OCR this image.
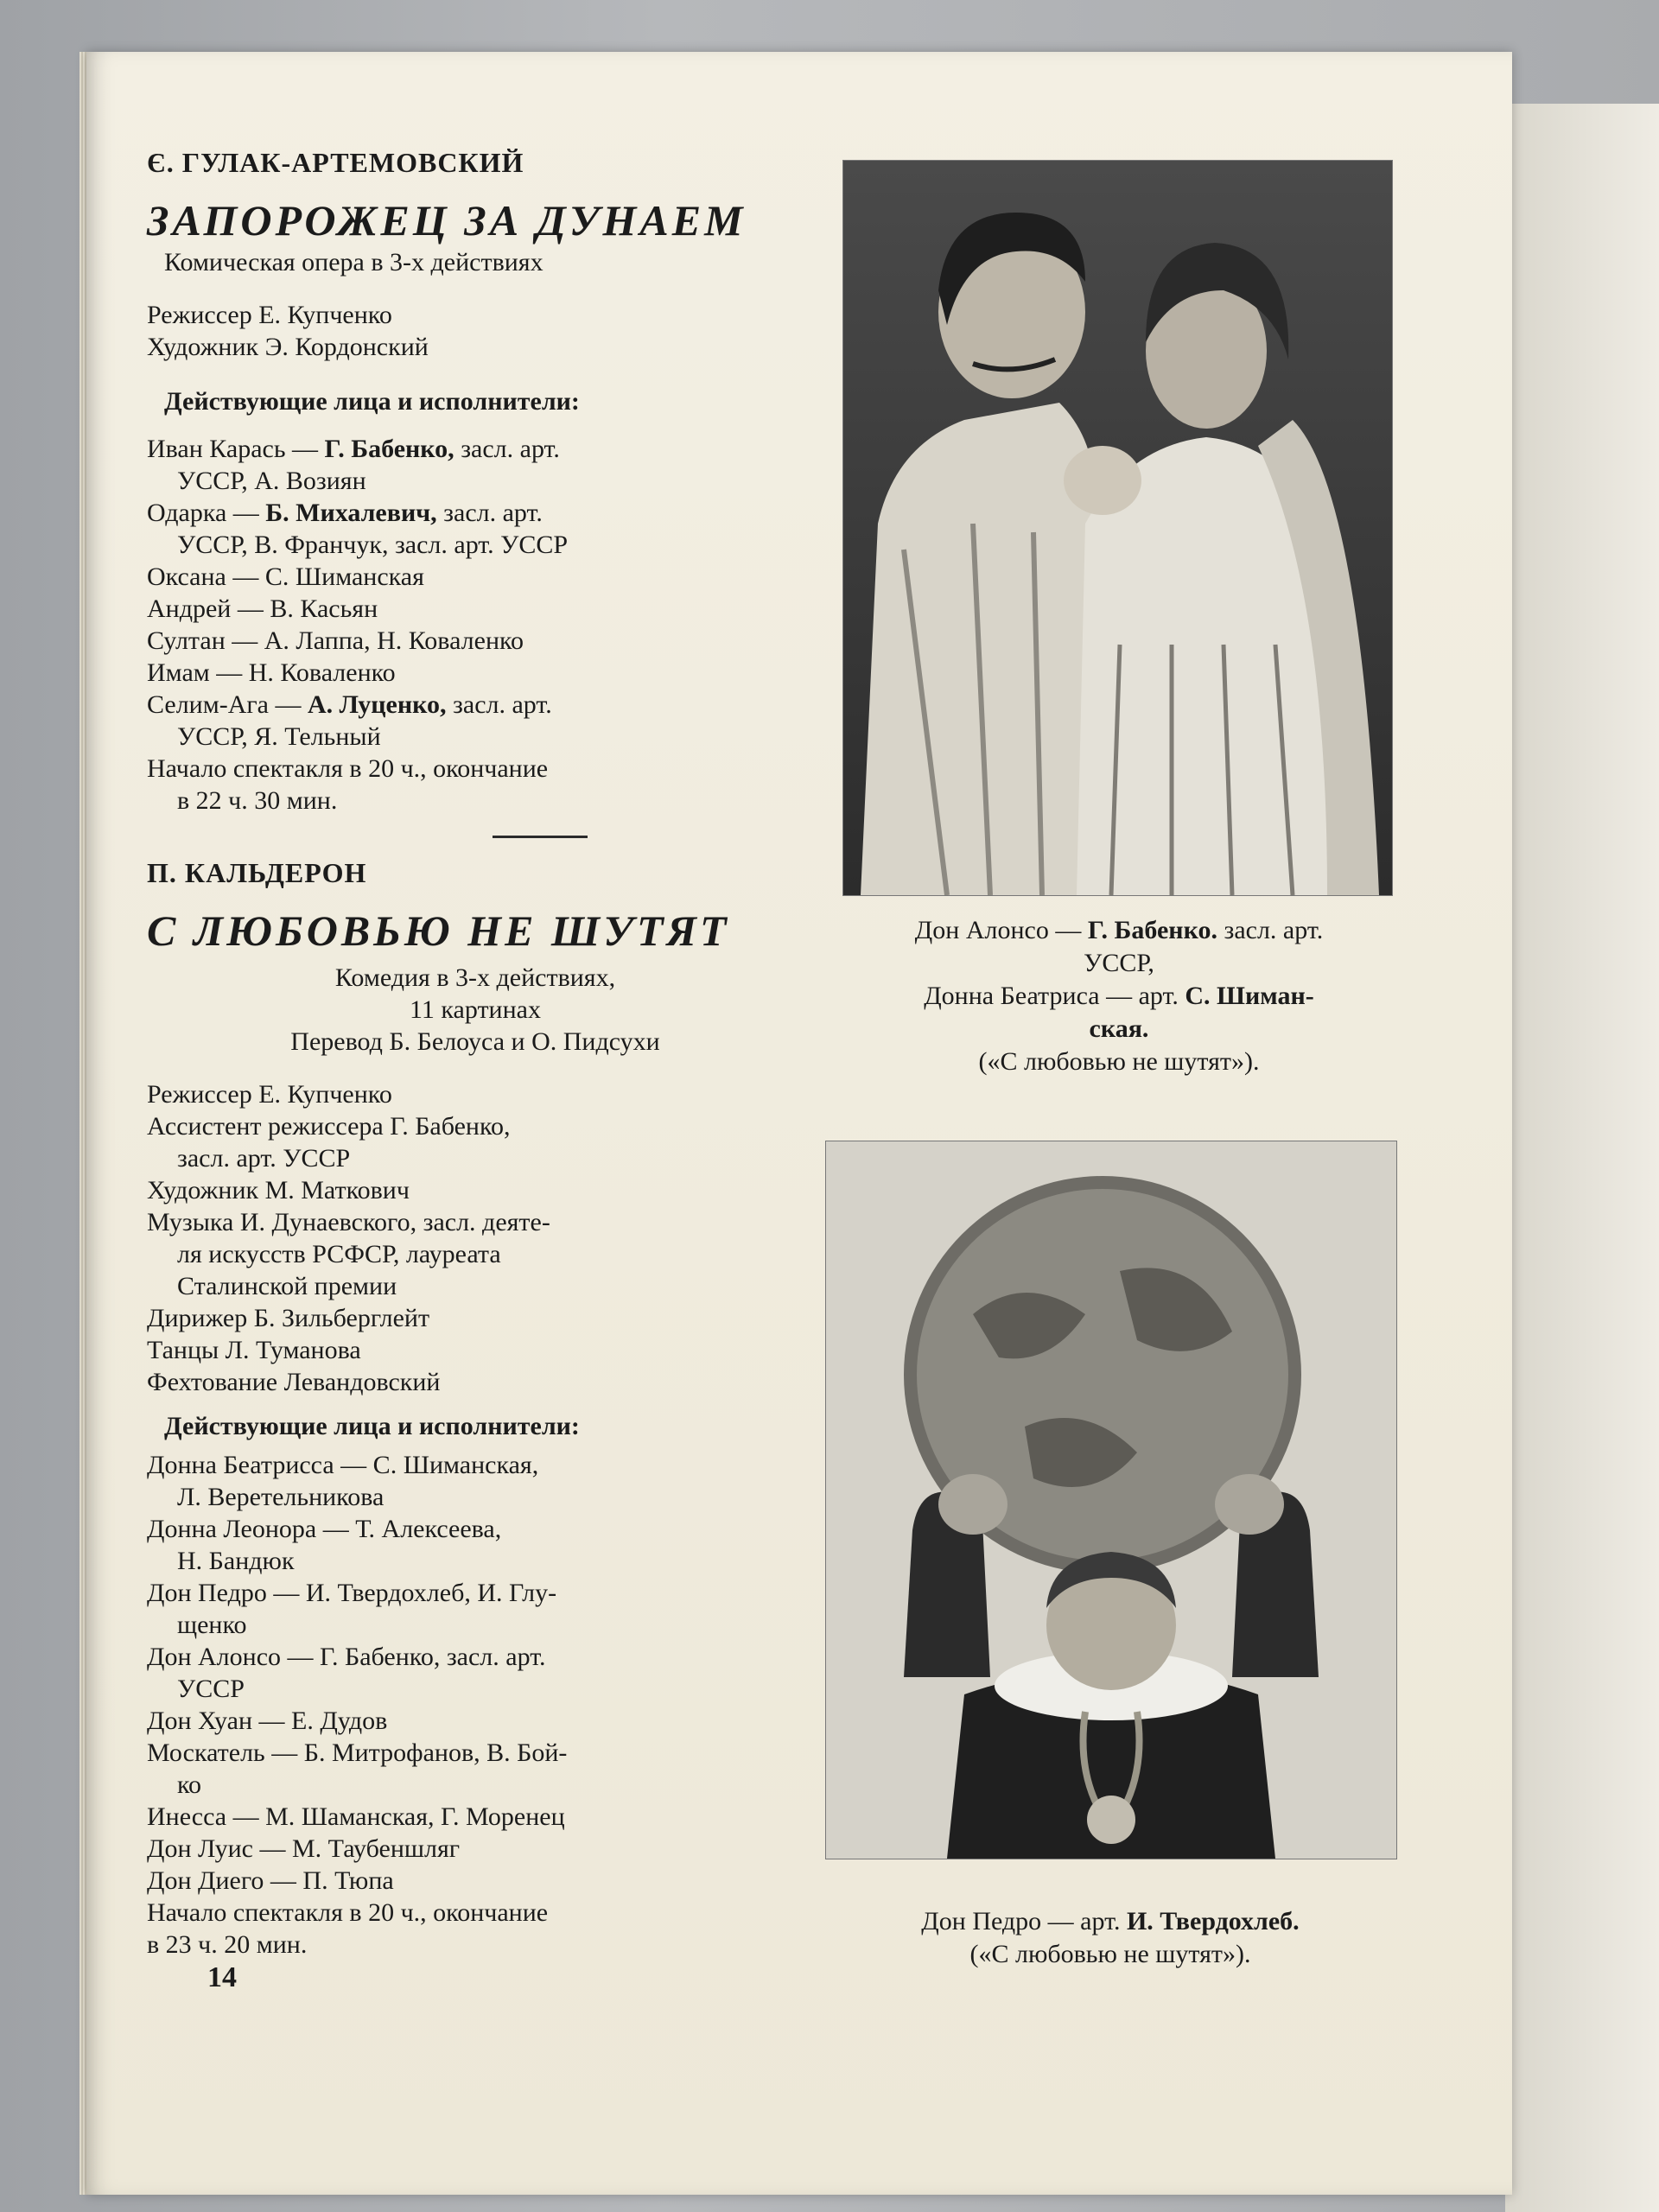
Є. ГУЛАК-АРТЕМОВСКИЙ
ЗАПОРОЖЕЦ ЗА ДУНАЕМ
Комическая опера в 3-х действиях
Режиссер Е. Купченко
Художник Э. Кордонский
Действующие лица и исполнители:
Иван Карась — Г. Бабенко, засл. арт.
УССР, А. Возиян
Одарка — Б. Михалевич, засл. арт.
УССР, В. Франчук, засл. арт. УССР
Оксана — С. Шиманская
Андрей — В. Касьян
Султан — А. Лаппа, Н. Коваленко
Имам — Н. Коваленко
Селим-Ага — А. Луценко, засл. арт.
УССР, Я. Тельный
Начало спектакля в 20 ч., окончание
в 22 ч. 30 мин.
П. КАЛЬДЕРОН
С ЛЮБОВЬЮ НЕ ШУТЯТ
Комедия в 3-х действиях,
11 картинах
Перевод Б. Белоуса и О. Пидсухи
Режиссер Е. Купченко
Ассистент режиссера Г. Бабенко,
засл. арт. УССР
Художник М. Маткович
Музыка И. Дунаевского, засл. деяте-
ля искусств РСФСР, лауреата
Сталинской премии
Дирижер Б. Зильберглейт
Танцы Л. Туманова
Фехтование Левандовский
Действующие лица и исполнители:
Донна Беатрисса — С. Шиманская,
Л. Веретельникова
Донна Леонора — Т. Алексеева,
Н. Бандюк
Дон Педро — И. Твердохлеб, И. Глу-
щенко
Дон Алонсо — Г. Бабенко, засл. арт.
УССР
Дон Хуан — Е. Дудов
Москатель — Б. Митрофанов, В. Бой-
ко
Инесса — М. Шаманская, Г. Моренец
Дон Луис — М. Таубеншляг
Дон Диего — П. Тюпа
Начало спектакля в 20 ч., окончание
в 23 ч. 20 мин.
14
Дон Алонсо — Г. Бабенко. засл. арт.
УССР,
Донна Беатриса — арт. С. Шиман-
ская.
(«С любовью не шутят»).
Дон Педро — арт. И. Твердохлеб.
(«С любовью не шутят»).
